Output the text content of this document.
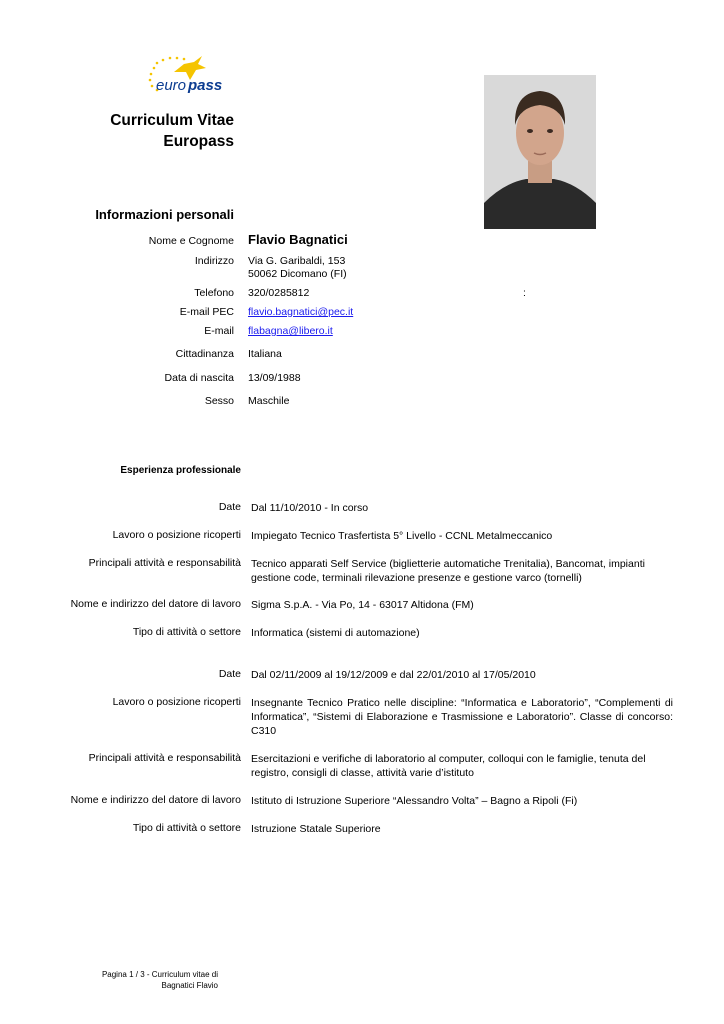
euro pass
Curriculum Vitae
Europass
Informazioni personali
Nome e Cognome Flavio Bagnatici
Indirizzo Via G. Garibaldi, 153
50062 Dicomano (FI)
Telefono 320/0285812	:
E-mail PEC flavio.bagnatici@pec.it
E-mail flabagna@libero.it
Cittadinanza Italiana
Data di nascita 13/09/1988
Sesso Maschile
Esperienza professionale
Date Dal 11/10/2010 - In corso
Lavoro o posizione ricoperti Impiegato Tecnico Trasfertista 5° Livello - CCNL Metalmeccanico
Principali attività e responsabilità Tecnico apparati Self Service (biglietterie automatiche Trenitalia), Bancomat, impianti gestione code, terminali rilevazione presenze e gestione varco (tornelli)
Nome e indirizzo del datore di lavoro Sigma S.p.A. - Via Po, 14 - 63017 Altidona (FM)
Tipo di attività o settore Informatica (sistemi di automazione)
Date Dal 02/11/2009 al 19/12/2009 e dal 22/01/2010 al 17/05/2010
Lavoro o posizione ricoperti Insegnante Tecnico Pratico nelle discipline: “Informatica e Laboratorio”, “Complementi di Informatica”, “Sistemi di Elaborazione e Trasmissione e Laboratorio”. Classe di concorso: C310
Principali attività e responsabilità Esercitazioni e verifiche di laboratorio al computer, colloqui con le famiglie, tenuta del registro, consigli di classe, attività varie d’istituto
Nome e indirizzo del datore di lavoro Istituto di Istruzione Superiore “Alessandro Volta” – Bagno a Ripoli (Fi)
Tipo di attività o settore Istruzione Statale Superiore
Pagina 1 / 3 - Curriculum vitae di
Bagnatici Flavio
